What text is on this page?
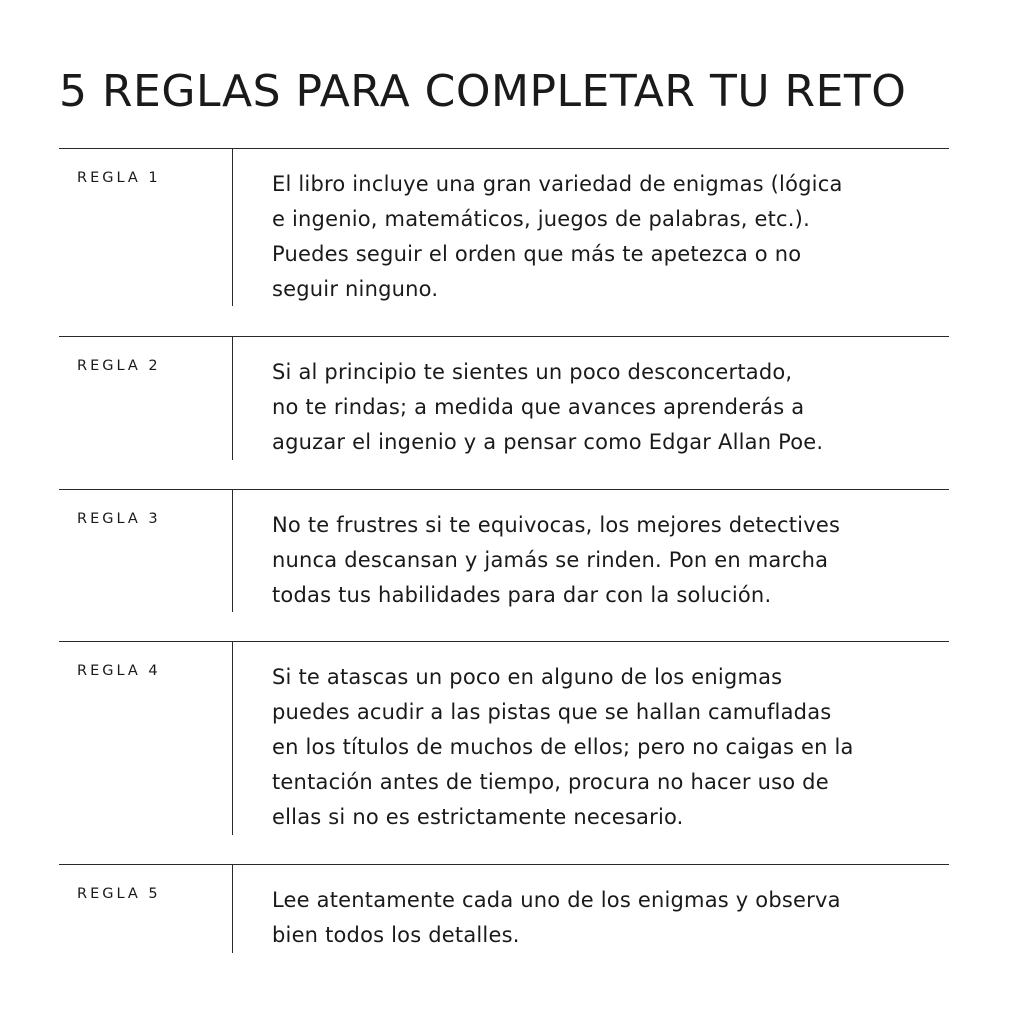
5 REGLAS PARA COMPLETAR TU RETO
REGLA 1	El libro incluye una gran variedad de enigmas (lógica
e ingenio, matemáticos, juegos de palabras, etc.).
Puedes seguir el orden que más te apetezca o no
seguir ninguno.

REGLA 2	Si al principio te sientes un poco desconcertado,
no te rindas; a medida que avances aprenderás a
aguzar el ingenio y a pensar como Edgar Allan Poe.

REGLA 3	No te frustres si te equivocas, los mejores detectives
nunca descansan y jamás se rinden. Pon en marcha
todas tus habilidades para dar con la solución.

REGLA 4	Si te atascas un poco en alguno de los enigmas
puedes acudir a las pistas que se hallan camufladas
en los títulos de muchos de ellos; pero no caigas en la
tentación antes de tiempo, procura no hacer uso de
ellas si no es estrictamente necesario.

REGLA 5	Lee atentamente cada uno de los enigmas y observa
bien todos los detalles.
